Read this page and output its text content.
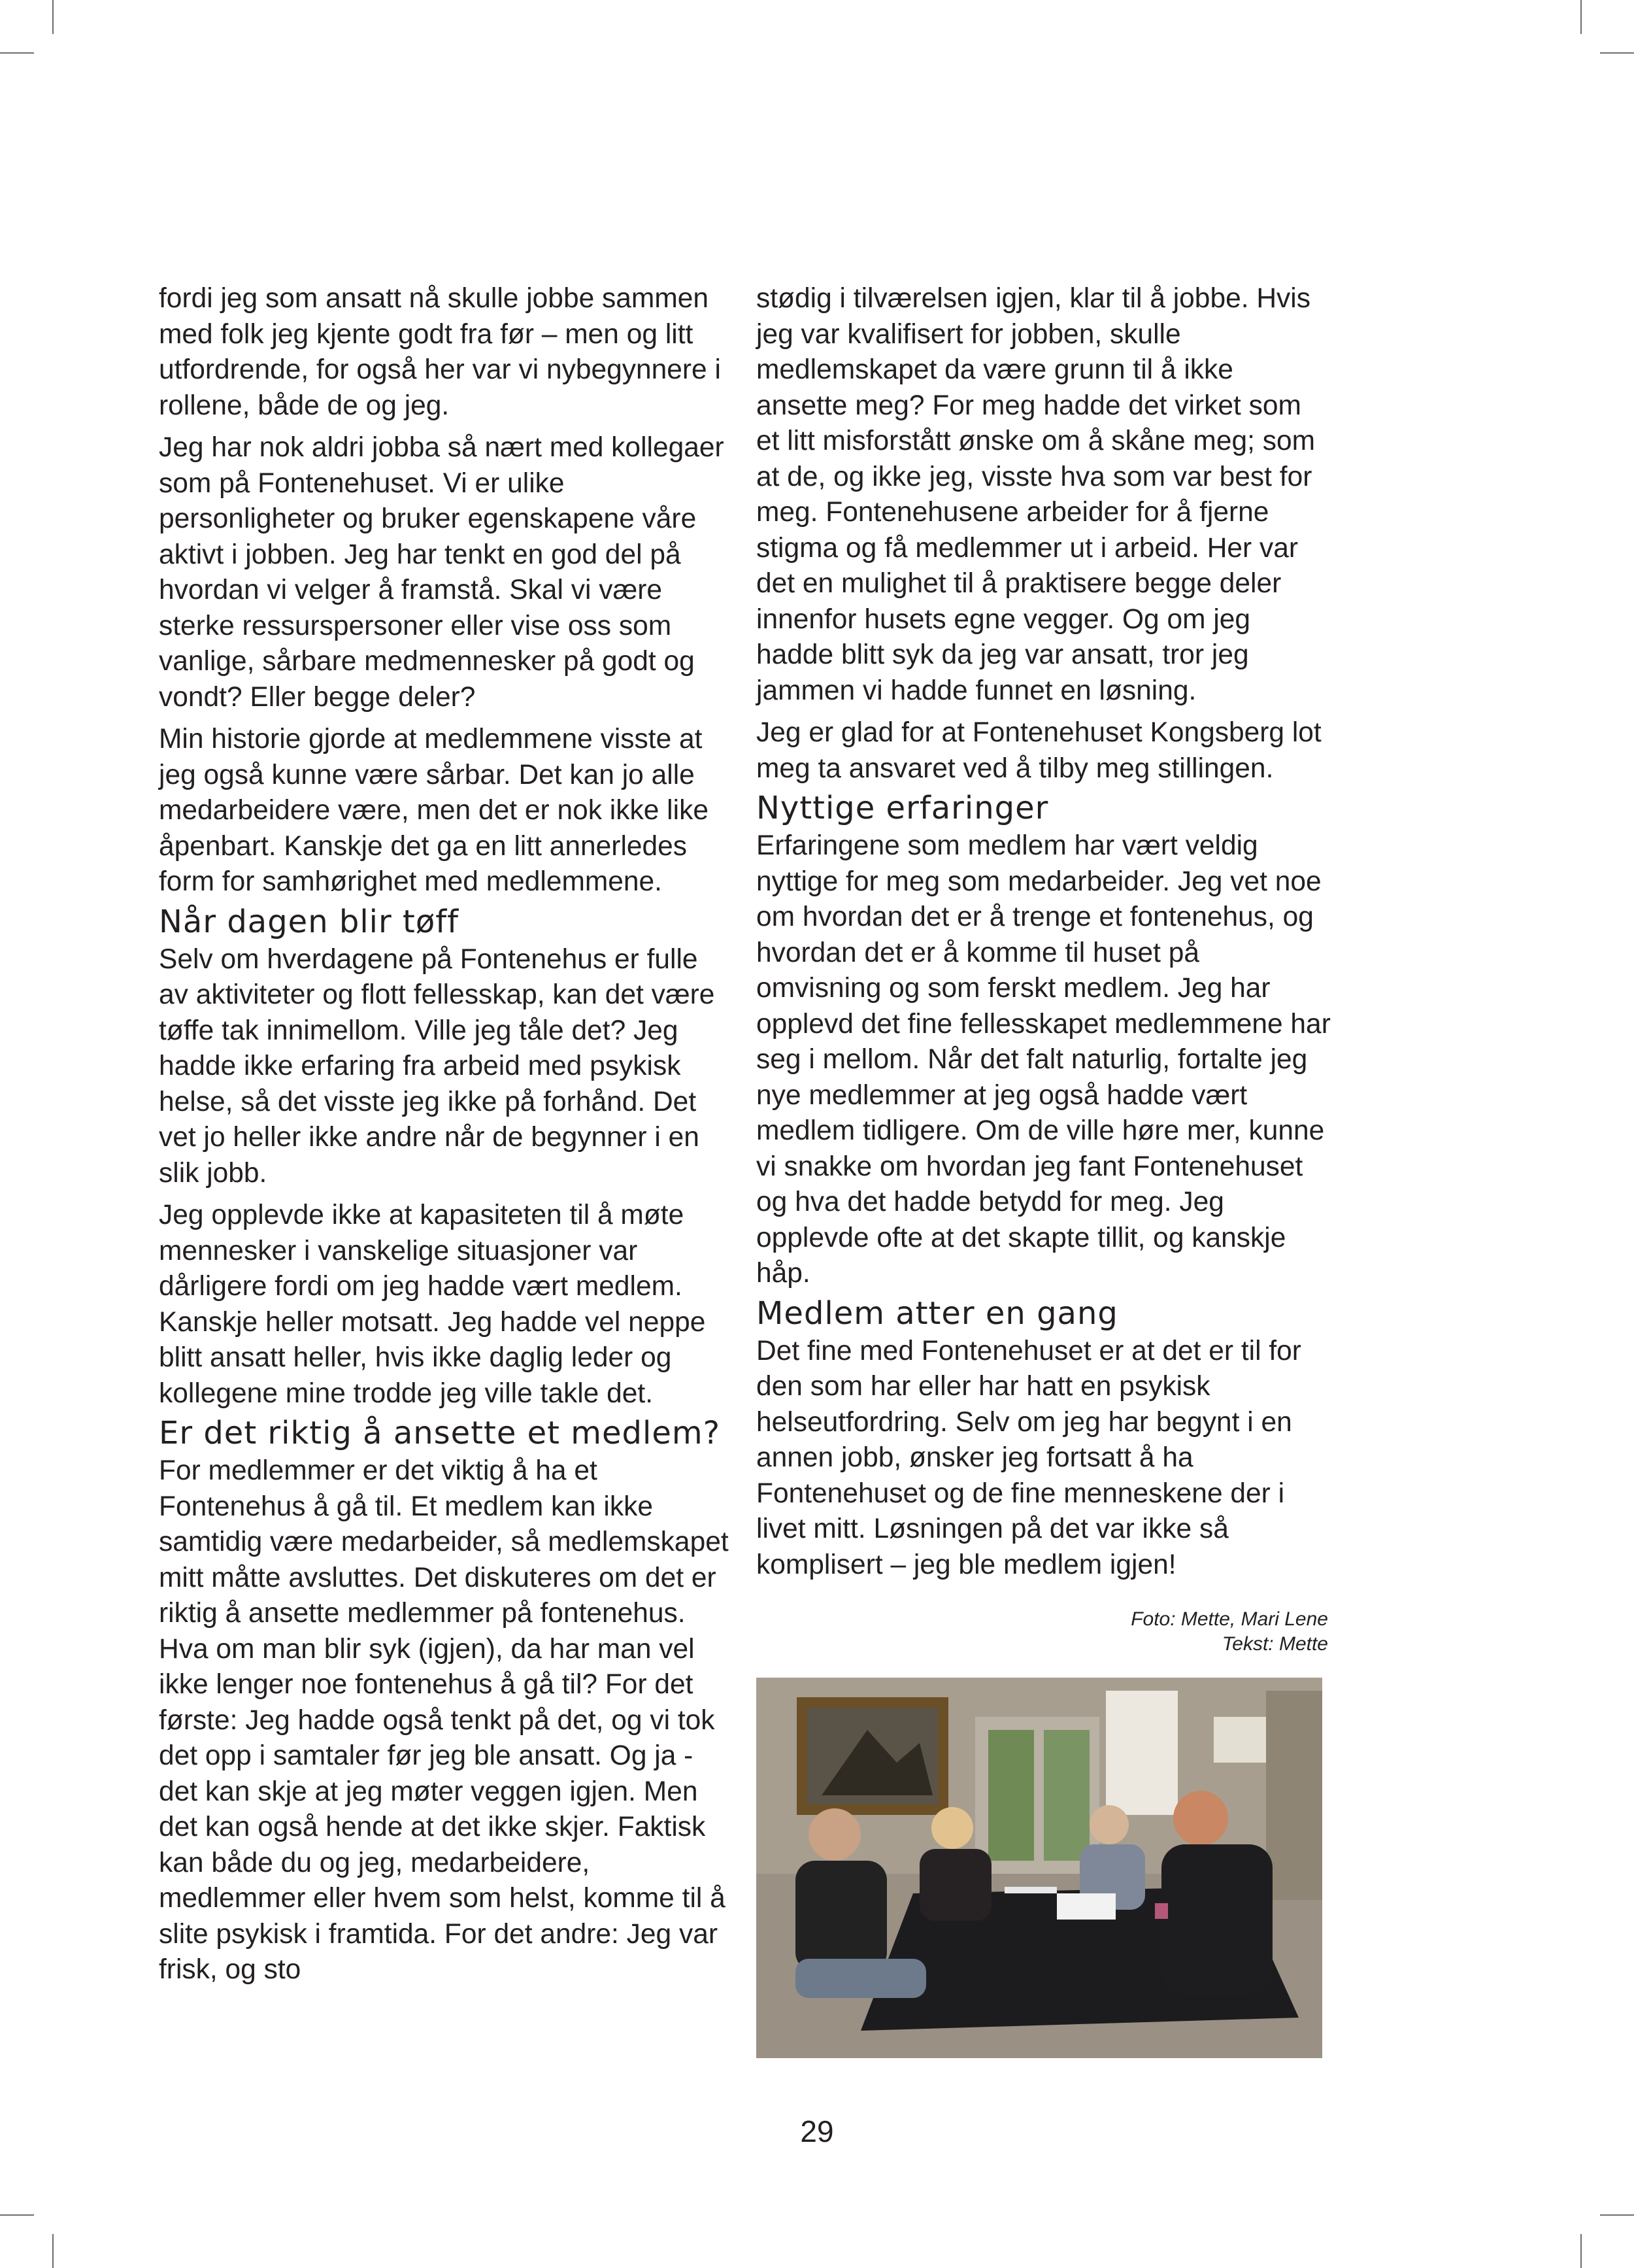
fordi jeg som ansatt nå skulle jobbe sammen med folk jeg kjente godt fra før – men og litt utfordrende, for også her var vi nybegynnere i rollene, både de og jeg.

Jeg har nok aldri jobba så nært med kollegaer som på Fontenehuset. Vi er ulike personligheter og bruker egenskapene våre aktivt i jobben. Jeg har tenkt en god del på hvordan vi velger å framstå. Skal vi være sterke ressurspersoner eller vise oss som vanlige, sårbare medmennesker på godt og vondt? Eller begge deler?

Min historie gjorde at medlemmene visste at jeg også kunne være sårbar. Det kan jo alle medarbeidere være, men det er nok ikke like åpenbart. Kanskje det ga en litt annerledes form for samhørighet med medlemmene.

Når dagen blir tøff

Selv om hverdagene på Fontenehus er fulle av aktiviteter og flott fellesskap, kan det være tøffe tak innimellom. Ville jeg tåle det? Jeg hadde ikke erfaring fra arbeid med psykisk helse, så det visste jeg ikke på forhånd. Det vet jo heller ikke andre når de begynner i en slik jobb.

Jeg opplevde ikke at kapasiteten til å møte mennesker i vanskelige situasjoner var dårligere fordi om jeg hadde vært medlem. Kanskje heller motsatt. Jeg hadde vel neppe blitt ansatt heller, hvis ikke daglig leder og kollegene mine trodde jeg ville takle det.

Er det riktig å ansette et medlem?

For medlemmer er det viktig å ha et Fontenehus å gå til. Et medlem kan ikke samtidig være medarbeider, så medlemskapet mitt måtte avsluttes. Det diskuteres om det er riktig å ansette medlemmer på fontenehus. Hva om man blir syk (igjen), da har man vel ikke lenger noe fontenehus å gå til? For det første: Jeg hadde også tenkt på det, og vi tok det opp i samtaler før jeg ble ansatt. Og ja - det kan skje at jeg møter veggen igjen. Men det kan også hende at det ikke skjer. Faktisk kan både du og jeg, medarbeidere, medlemmer eller hvem som helst, komme til å slite psykisk i framtida. For det andre: Jeg var frisk, og sto

stødig i tilværelsen igjen, klar til å jobbe. Hvis jeg var kvalifisert for jobben, skulle medlemskapet da være grunn til å ikke ansette meg? For meg hadde det virket som et litt misforstått ønske om å skåne meg; som at de, og ikke jeg, visste hva som var best for meg. Fontenehusene arbeider for å fjerne stigma og få medlemmer ut i arbeid. Her var det en mulighet til å praktisere begge deler innenfor husets egne vegger. Og om jeg hadde blitt syk da jeg var ansatt, tror jeg jammen vi hadde funnet en løsning.

Jeg er glad for at Fontenehuset Kongsberg lot meg ta ansvaret ved å tilby meg stillingen.

Nyttige erfaringer

Erfaringene som medlem har vært veldig nyttige for meg som medarbeider. Jeg vet noe om hvordan det er å trenge et fontenehus, og hvordan det er å komme til huset på omvisning og som ferskt medlem. Jeg har opplevd det fine fellesskapet medlemmene har seg i mellom. Når det falt naturlig, fortalte jeg nye medlemmer at jeg også hadde vært medlem tidligere. Om de ville høre mer, kunne vi snakke om hvordan jeg fant Fontenehuset og hva det hadde betydd for meg. Jeg opplevde ofte at det skapte tillit, og kanskje håp.

Medlem atter en gang

Det fine med Fontenehuset er at det er til for den som har eller har hatt en psykisk helseutfordring. Selv om jeg har begynt i en annen jobb, ønsker jeg fortsatt å ha Fontenehuset og de fine menneskene der i livet mitt. Løsningen på det var ikke så komplisert – jeg ble medlem igjen!

Foto: Mette, Mari Lene
Tekst: Mette
29
